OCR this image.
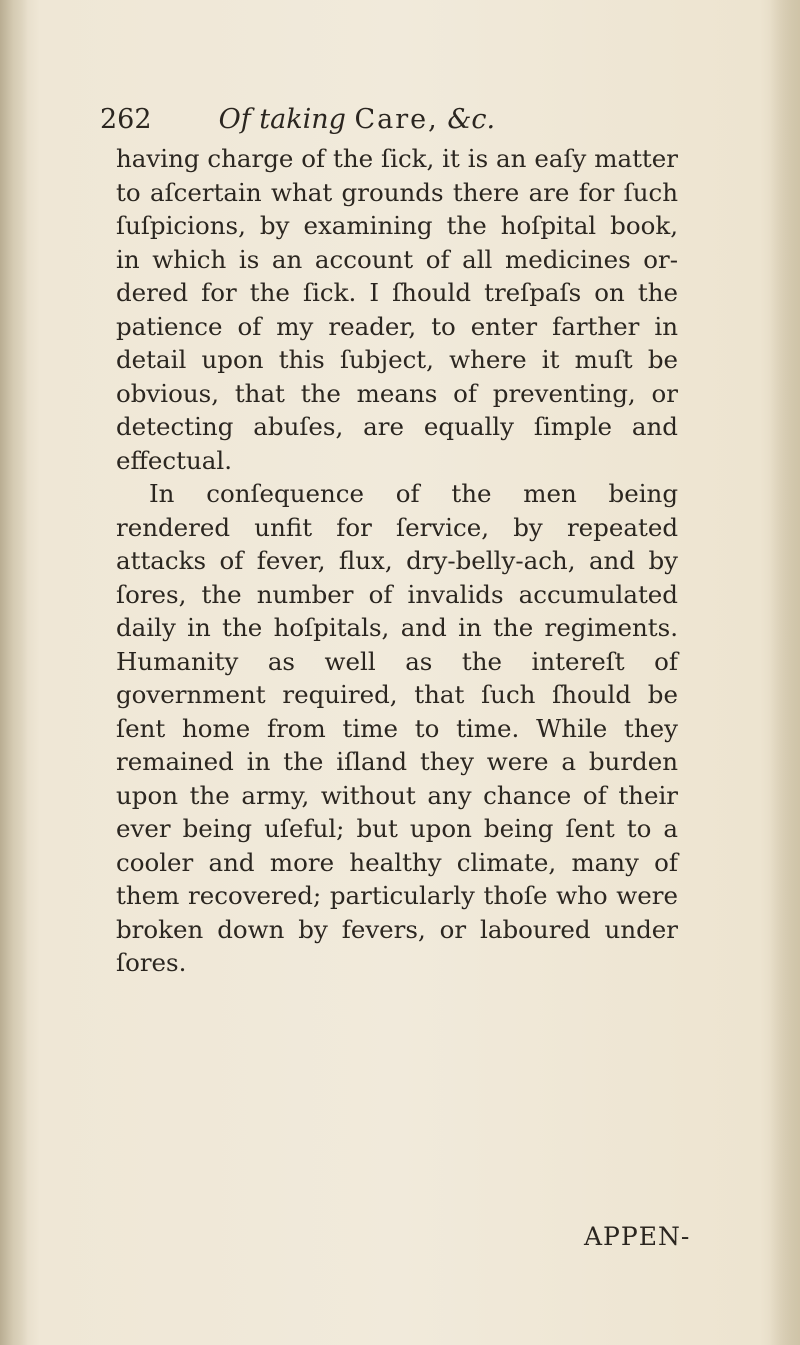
262 Of taking Care, &c.

having charge of the ſick, it is an eaſy matter to aſcertain what grounds there are for ſuch ſuſpicions, by examining the hoſpital book, in which is an account of all medicines or- dered for the ſick. I ſhould treſpaſs on the patience of my reader, to enter farther in detail upon this ſubject, where it muſt be obvious, that the means of preventing, or detecting abuſes, are equally ſimple and effectual.

In conſequence of the men being rendered unfit for ſervice, by repeated attacks of fever, flux, dry-belly-ach, and by ſores, the number of invalids accumulated daily in the hoſpitals, and in the regiments. Humanity as well as the intereſt of government required, that ſuch ſhould be ſent home from time to time. While they remained in the iſland they were a burden upon the army, without any chance of their ever being uſeful; but upon being ſent to a cooler and more healthy climate, many of them recovered; particularly thoſe who were broken down by fevers, or laboured under ſores.

APPEN-
